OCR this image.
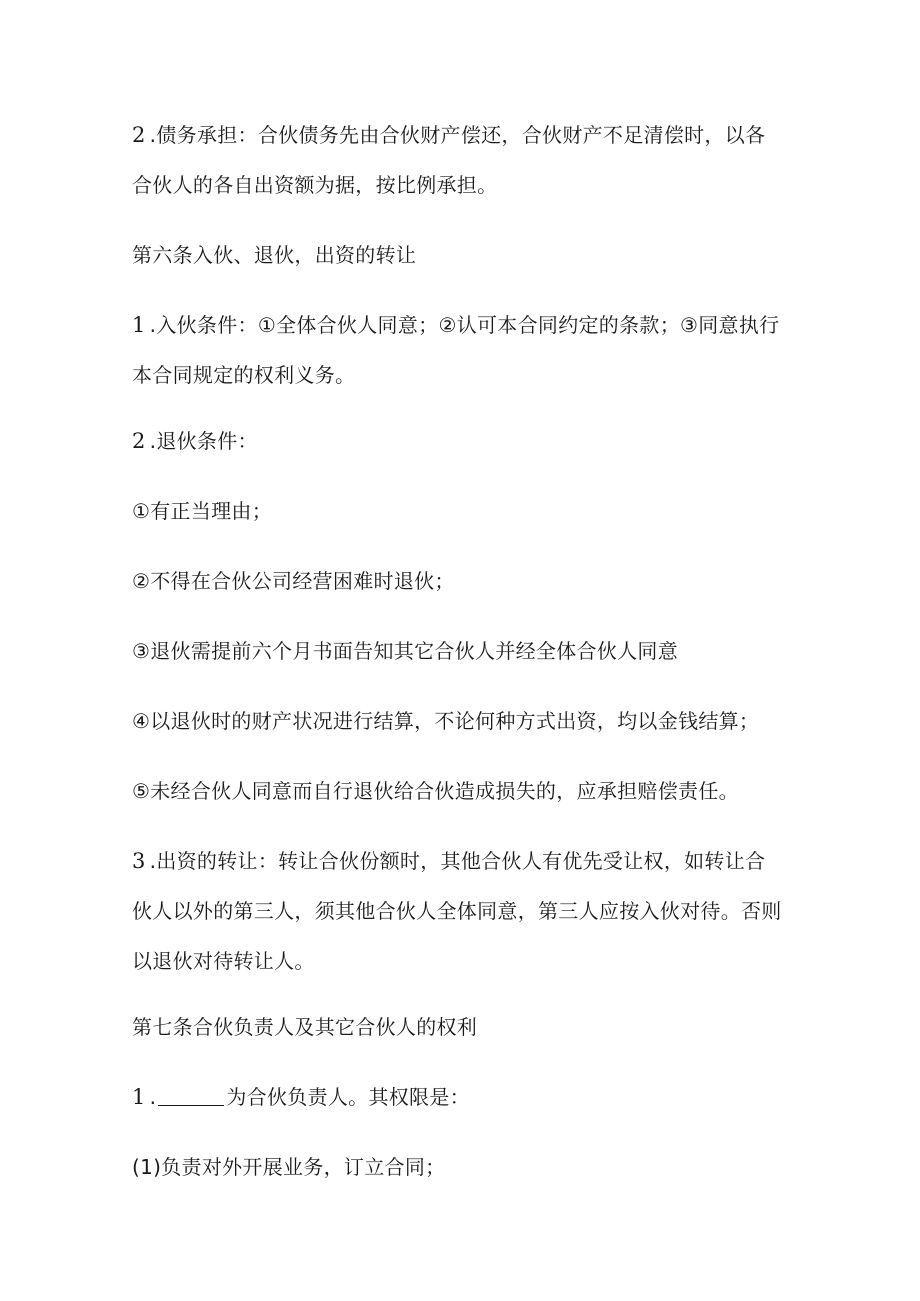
2 .债务承担：合伙债务先由合伙财产偿还，合伙财产不足清偿时，以各合伙人的各自出资额为据，按比例承担。

第六条入伙、退伙，出资的转让

1 .入伙条件：①全体合伙人同意；②认可本合同约定的条款；③同意执行本合同规定的权利义务。

2 .退伙条件：

①有正当理由；

②不得在合伙公司经营困难时退伙；

③退伙需提前六个月书面告知其它合伙人并经全体合伙人同意

④以退伙时的财产状况进行结算，不论何种方式出资，均以金钱结算；

⑤未经合伙人同意而自行退伙给合伙造成损失的，应承担赔偿责任。

3 .出资的转让：转让合伙份额时，其他合伙人有优先受让权，如转让合伙人以外的第三人，须其他合伙人全体同意，第三人应按入伙对待。否则以退伙对待转让人。

第七条合伙负责人及其它合伙人的权利

1 .	为合伙负责人。其权限是：

(1)负责对外开展业务，订立合同；
